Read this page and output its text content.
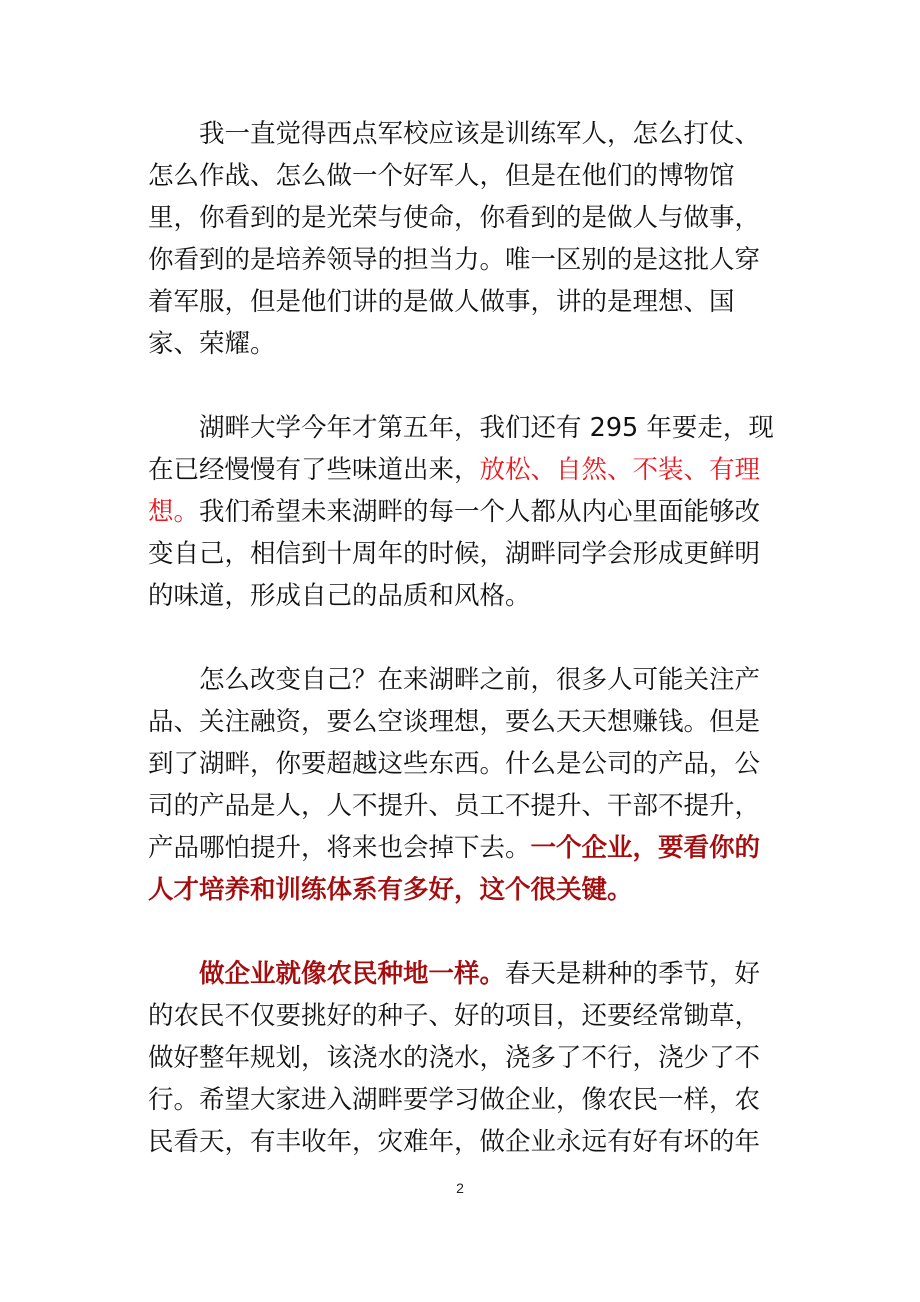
我一直觉得西点军校应该是训练军人，怎么打仗、怎么作战、怎么做一个好军人，但是在他们的博物馆里，你看到的是光荣与使命，你看到的是做人与做事，你看到的是培养领导的担当力。唯一区别的是这批人穿着军服，但是他们讲的是做人做事，讲的是理想、国家、荣耀。

湖畔大学今年才第五年，我们还有 295 年要走，现在已经慢慢有了些味道出来，放松、自然、不装、有理想。我们希望未来湖畔的每一个人都从内心里面能够改变自己，相信到十周年的时候，湖畔同学会形成更鲜明的味道，形成自己的品质和风格。

怎么改变自己？在来湖畔之前，很多人可能关注产品、关注融资，要么空谈理想，要么天天想赚钱。但是到了湖畔，你要超越这些东西。什么是公司的产品，公司的产品是人，人不提升、员工不提升、干部不提升，产品哪怕提升，将来也会掉下去。一个企业，要看你的人才培养和训练体系有多好，这个很关键。

做企业就像农民种地一样。春天是耕种的季节，好的农民不仅要挑好的种子、好的项目，还要经常锄草，做好整年规划，该浇水的浇水，浇多了不行，浇少了不行。希望大家进入湖畔要学习做企业，像农民一样，农民看天，有丰收年，灾难年，做企业永远有好有坏的年

2
